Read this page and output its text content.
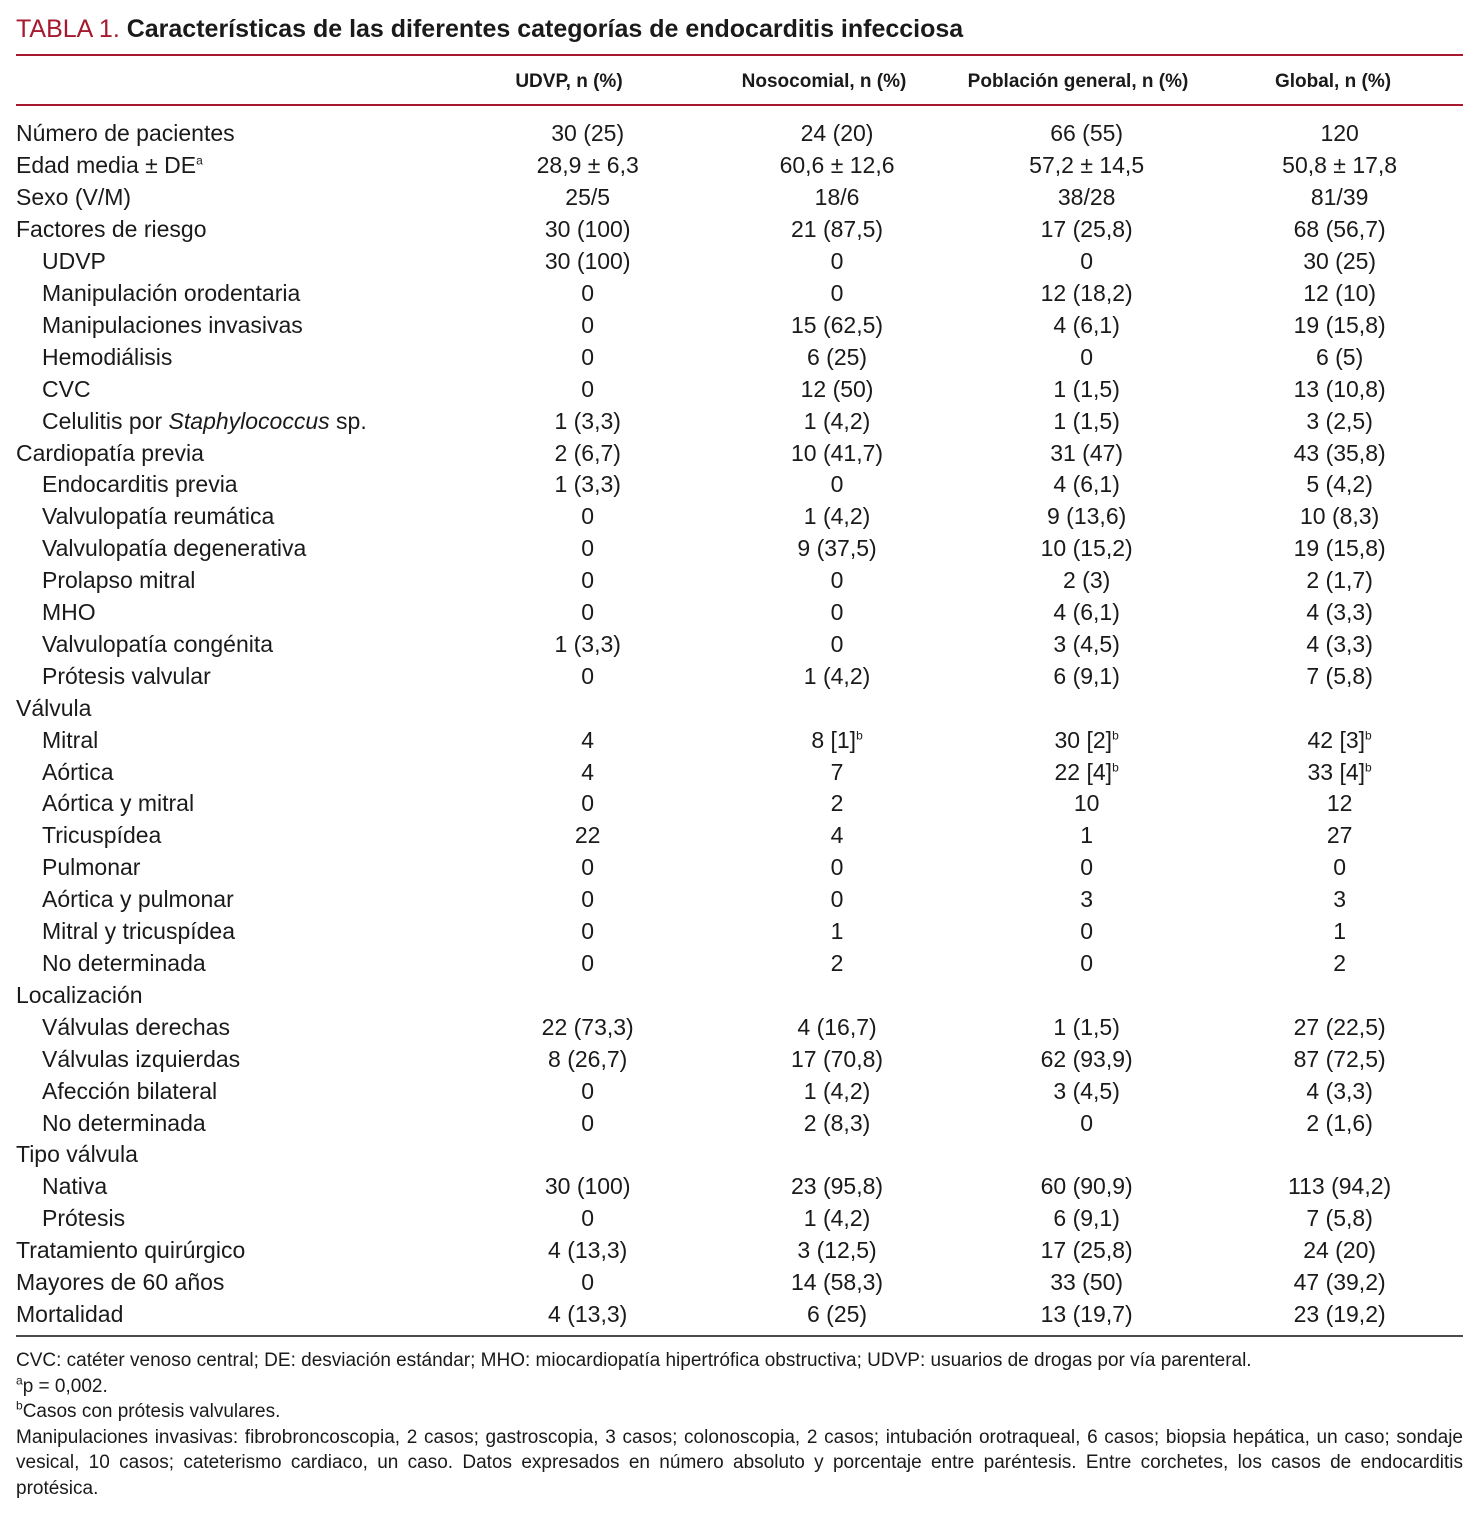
TABLA 1. Características de las diferentes categorías de endocarditis infecciosa
UDVP, n (%)	Nosocomial, n (%)	Población general, n (%)	Global, n (%)
Número de pacientes	30 (25)	24 (20)	66 (55)	120
Edad media ± $DE^a$	28,9 ± 6,3	60,6 ± 12,6	57,2 ± 14,5	50,8 ± 17,8
Sexo (V/M)	25/5	18/6	38/28	81/39
Factores de riesgo	30 (100)	21 (87,5)	17 (25,8)	68 (56,7)
UDVP	30 (100)	0	0	30 (25)
Manipulación orodentaria	0	0	12 (18,2)	12 (10)
Manipulaciones invasivas	0	15 (62,5)	4 (6,1)	19 (15,8)
Hemodiálisis	0	6 (25)	0	6 (5)
CVC	0	12 (50)	1 (1,5)	13 (10,8)
Celulitis por Staphylococcus sp.	1 (3,3)	1 (4,2)	1 (1,5)	3 (2,5)
Cardiopatía previa	2 (6,7)	10 (41,7)	31 (47)	43 (35,8)
Endocarditis previa	1 (3,3)	0	4 (6,1)	5 (4,2)
Valvulopatía reumática	0	1 (4,2)	9 (13,6)	10 (8,3)
Valvulopatía degenerativa	0	9 (37,5)	10 (15,2)	19 (15,8)
Prolapso mitral	0	0	2 (3)	2 (1,7)
MHO	0	0	4 (6,1)	4 (3,3)
Valvulopatía congénita	1 (3,3)	0	3 (4,5)	4 (3,3)
Prótesis valvular	0	1 (4,2)	6 (9,1)	7 (5,8)
Válvula				
Mitral	4	8 $[1]^b$	30 $[2]^b$	42 $[3]^b$
Aórtica	4	7	22 $[4]^b$	33 $[4]^b$
Aórtica y mitral	0	2	10	12
Tricuspídea	22	4	1	27
Pulmonar	0	0	0	0
Aórtica y pulmonar	0	0	3	3
Mitral y tricuspídea	0	1	0	1
No determinada	0	2	0	2
Localización				
Válvulas derechas	22 (73,3)	4 (16,7)	1 (1,5)	27 (22,5)
Válvulas izquierdas	8 (26,7)	17 (70,8)	62 (93,9)	87 (72,5)
Afección bilateral	0	1 (4,2)	3 (4,5)	4 (3,3)
No determinada	0	2 (8,3)	0	2 (1,6)
Tipo válvula				
Nativa	30 (100)	23 (95,8)	60 (90,9)	113 (94,2)
Prótesis	0	1 (4,2)	6 (9,1)	7 (5,8)
Tratamiento quirúrgico	4 (13,3)	3 (12,5)	17 (25,8)	24 (20)
Mayores de 60 años	0	14 (58,3)	33 (50)	47 (39,2)
Mortalidad	4 (13,3)	6 (25)	13 (19,7)	23 (19,2)
CVC: catéter venoso central; DE: desviación estándar; MHO: miocardiopatía hipertrófica obstructiva; UDVP: usuarios de drogas por vía parenteral.
$^a$p = 0,002.
$^b$Casos con prótesis valvulares.
Manipulaciones invasivas: fibrobroncoscopia, 2 casos; gastroscopia, 3 casos; colonoscopia, 2 casos; intubación orotraqueal, 6 casos; biopsia hepática, un caso; sondaje vesical, 10 casos; cateterismo cardiaco, un caso. Datos expresados en número absoluto y porcentaje entre paréntesis. Entre corchetes, los casos de endocarditis protésica.
